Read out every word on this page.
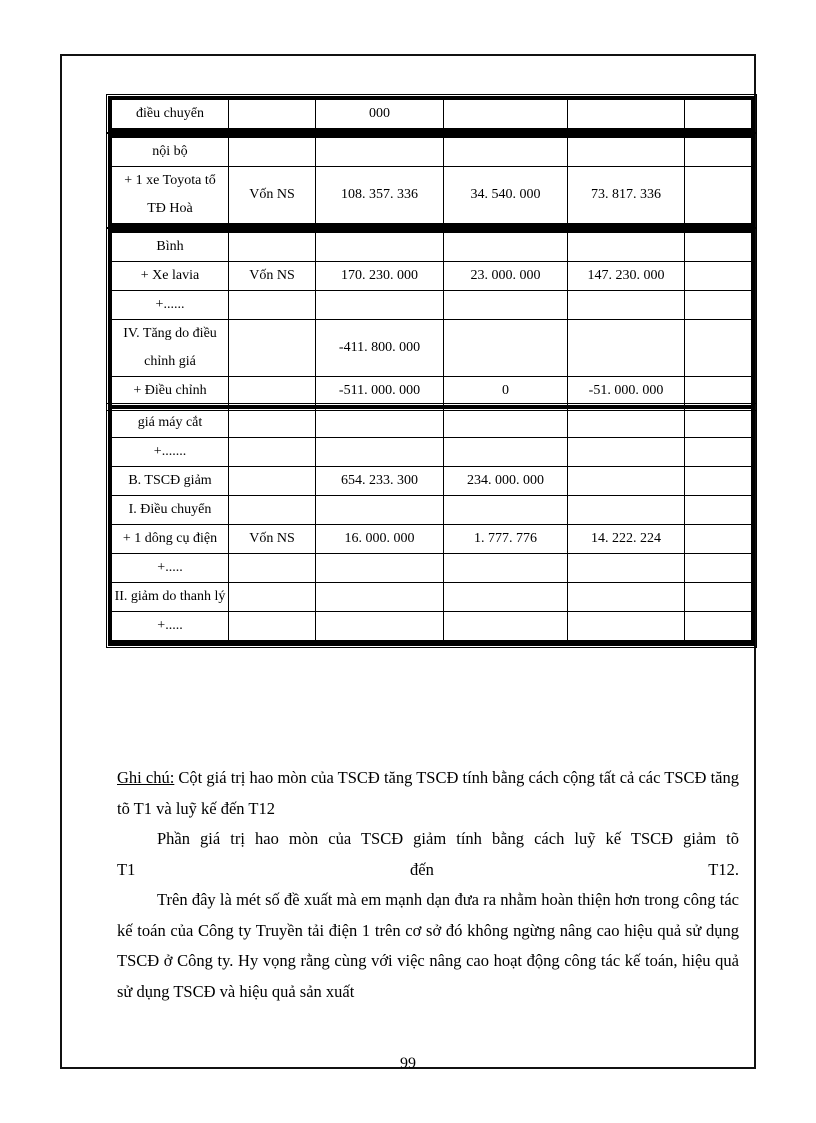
điều chuyển		000			
nội bộ					
+ 1 xe Toyota tổ TĐ Hoà	Vốn NS	108. 357. 336	34. 540. 000	73. 817. 336	
Bình					
+ Xe lavia	Vốn NS	170. 230. 000	23. 000. 000	147. 230. 000	
+......					
IV. Tăng do điều chỉnh giá		-411. 800. 000			
+ Điều chỉnh		-511. 000. 000	0	-51. 000. 000	
giá máy cắt					
+.......					
B. TSCĐ giảm		654. 233. 300	234. 000. 000		
I. Điều chuyển					
+ 1 dông cụ điện	Vốn NS	16. 000. 000	1. 777. 776	14. 222. 224	
+.....					
II. giảm do thanh lý					
+.....					

Ghi chú: Cột giá trị hao mòn của TSCĐ tăng TSCĐ tính bằng cách cộng tất cả các TSCĐ tăng tõ T1 và luỹ kế đến T12

Phần giá trị hao mòn của TSCĐ giảm tính bằng cách luỹ kế TSCĐ giảm tõ

T1 đến T12.

Trên đây là mét số đề xuất mà em mạnh dạn đưa ra nhằm hoàn thiện hơn trong công tác kế toán của Công ty Truyền tải điện 1 trên cơ sở đó không ngừng nâng cao hiệu quả sử dụng TSCĐ ở Công ty. Hy vọng rằng cùng với việc nâng cao hoạt động công tác kế toán, hiệu quả sử dụng TSCĐ và hiệu quả sản xuất

99
